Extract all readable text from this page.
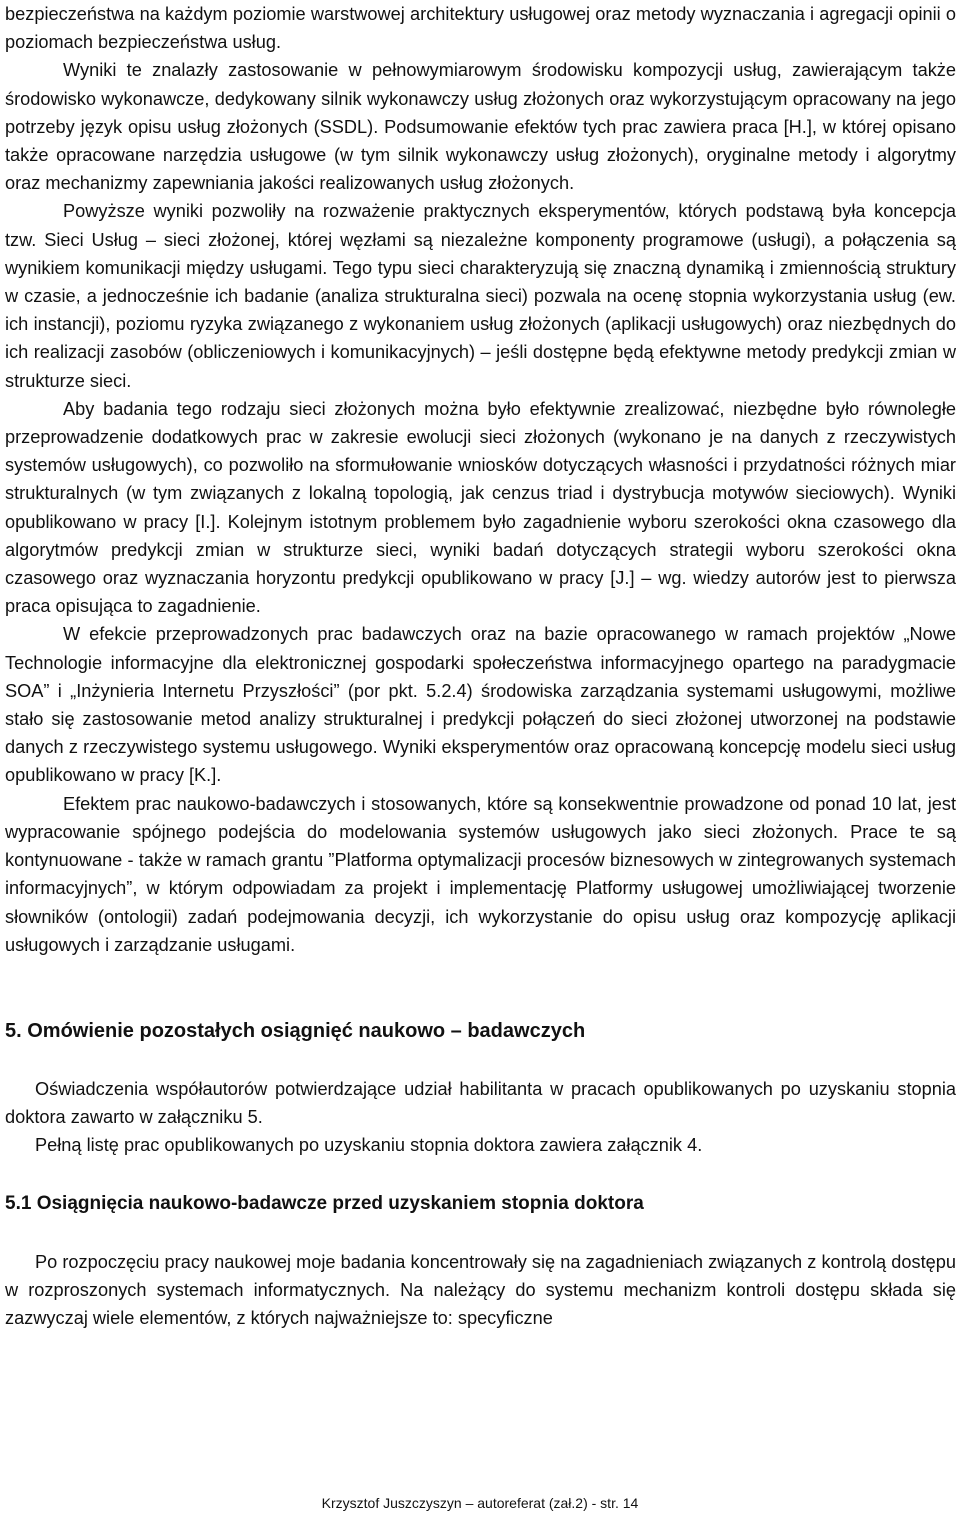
bezpieczeństwa na każdym poziomie warstwowej architektury usługowej oraz metody wyznaczania i agregacji opinii o poziomach bezpieczeństwa usług.

Wyniki te znalazły zastosowanie w pełnowymiarowym środowisku kompozycji usług, zawierającym także środowisko wykonawcze, dedykowany silnik wykonawczy usług złożonych oraz wykorzystującym opracowany na jego potrzeby język opisu usług złożonych (SSDL). Podsumowanie efektów tych prac zawiera praca [H.], w której opisano także opracowane narzędzia usługowe (w tym silnik wykonawczy usług złożonych), oryginalne metody i algorytmy oraz mechanizmy zapewniania jakości realizowanych usług złożonych.

Powyższe wyniki pozwoliły na rozważenie praktycznych eksperymentów, których podstawą była koncepcja tzw. Sieci Usług – sieci złożonej, której węzłami są niezależne komponenty programowe (usługi), a połączenia są wynikiem komunikacji między usługami. Tego typu sieci charakteryzują się znaczną dynamiką i zmiennością struktury w czasie, a jednocześnie ich badanie (analiza strukturalna sieci) pozwala na ocenę stopnia wykorzystania usług (ew. ich instancji), poziomu ryzyka związanego z wykonaniem usług złożonych (aplikacji usługowych) oraz niezbędnych do ich realizacji zasobów (obliczeniowych i komunikacyjnych) – jeśli dostępne będą efektywne metody predykcji zmian w strukturze sieci.

Aby badania tego rodzaju sieci złożonych można było efektywnie zrealizować, niezbędne było równoległe przeprowadzenie dodatkowych prac w zakresie ewolucji sieci złożonych (wykonano je na danych z rzeczywistych systemów usługowych), co pozwoliło na sformułowanie wniosków dotyczących własności i przydatności różnych miar strukturalnych (w tym związanych z lokalną topologią, jak cenzus triad i dystrybucja motywów sieciowych). Wyniki opublikowano w pracy [I.]. Kolejnym istotnym problemem było zagadnienie wyboru szerokości okna czasowego dla algorytmów predykcji zmian w strukturze sieci, wyniki badań dotyczących strategii wyboru szerokości okna czasowego oraz wyznaczania horyzontu predykcji opublikowano w pracy [J.] – wg. wiedzy autorów jest to pierwsza praca opisująca to zagadnienie.

W efekcie przeprowadzonych prac badawczych oraz na bazie opracowanego w ramach projektów „Nowe Technologie informacyjne dla elektronicznej gospodarki społeczeństwa informacyjnego opartego na paradygmacie SOA” i „Inżynieria Internetu Przyszłości” (por pkt. 5.2.4) środowiska zarządzania systemami usługowymi, możliwe stało się zastosowanie metod analizy strukturalnej i predykcji połączeń do sieci złożonej utworzonej na podstawie danych z rzeczywistego systemu usługowego. Wyniki eksperymentów oraz opracowaną koncepcję modelu sieci usług opublikowano w pracy [K.].

Efektem prac naukowo-badawczych i stosowanych, które są konsekwentnie prowadzone od ponad 10 lat, jest wypracowanie spójnego podejścia do modelowania systemów usługowych jako sieci złożonych. Prace te są kontynuowane - także w ramach grantu ”Platforma optymalizacji procesów biznesowych w zintegrowanych systemach informacyjnych”, w którym odpowiadam za projekt i implementację Platformy usługowej umożliwiającej tworzenie słowników (ontologii) zadań podejmowania decyzji, ich wykorzystanie do opisu usług oraz kompozycję aplikacji usługowych i zarządzanie usługami.

5. Omówienie pozostałych osiągnięć naukowo – badawczych

Oświadczenia współautorów potwierdzające udział habilitanta w pracach opublikowanych po uzyskaniu stopnia doktora zawarto w załączniku 5.

Pełną listę prac opublikowanych po uzyskaniu stopnia doktora zawiera załącznik 4.

5.1 Osiągnięcia naukowo-badawcze przed uzyskaniem stopnia doktora

Po rozpoczęciu pracy naukowej moje badania koncentrowały się na zagadnieniach związanych z kontrolą dostępu w rozproszonych systemach informatycznych. Na należący do systemu mechanizm kontroli dostępu składa się zazwyczaj wiele elementów, z których najważniejsze to: specyficzne

Krzysztof Juszczyszyn – autoreferat (zał.2) - str. 14
